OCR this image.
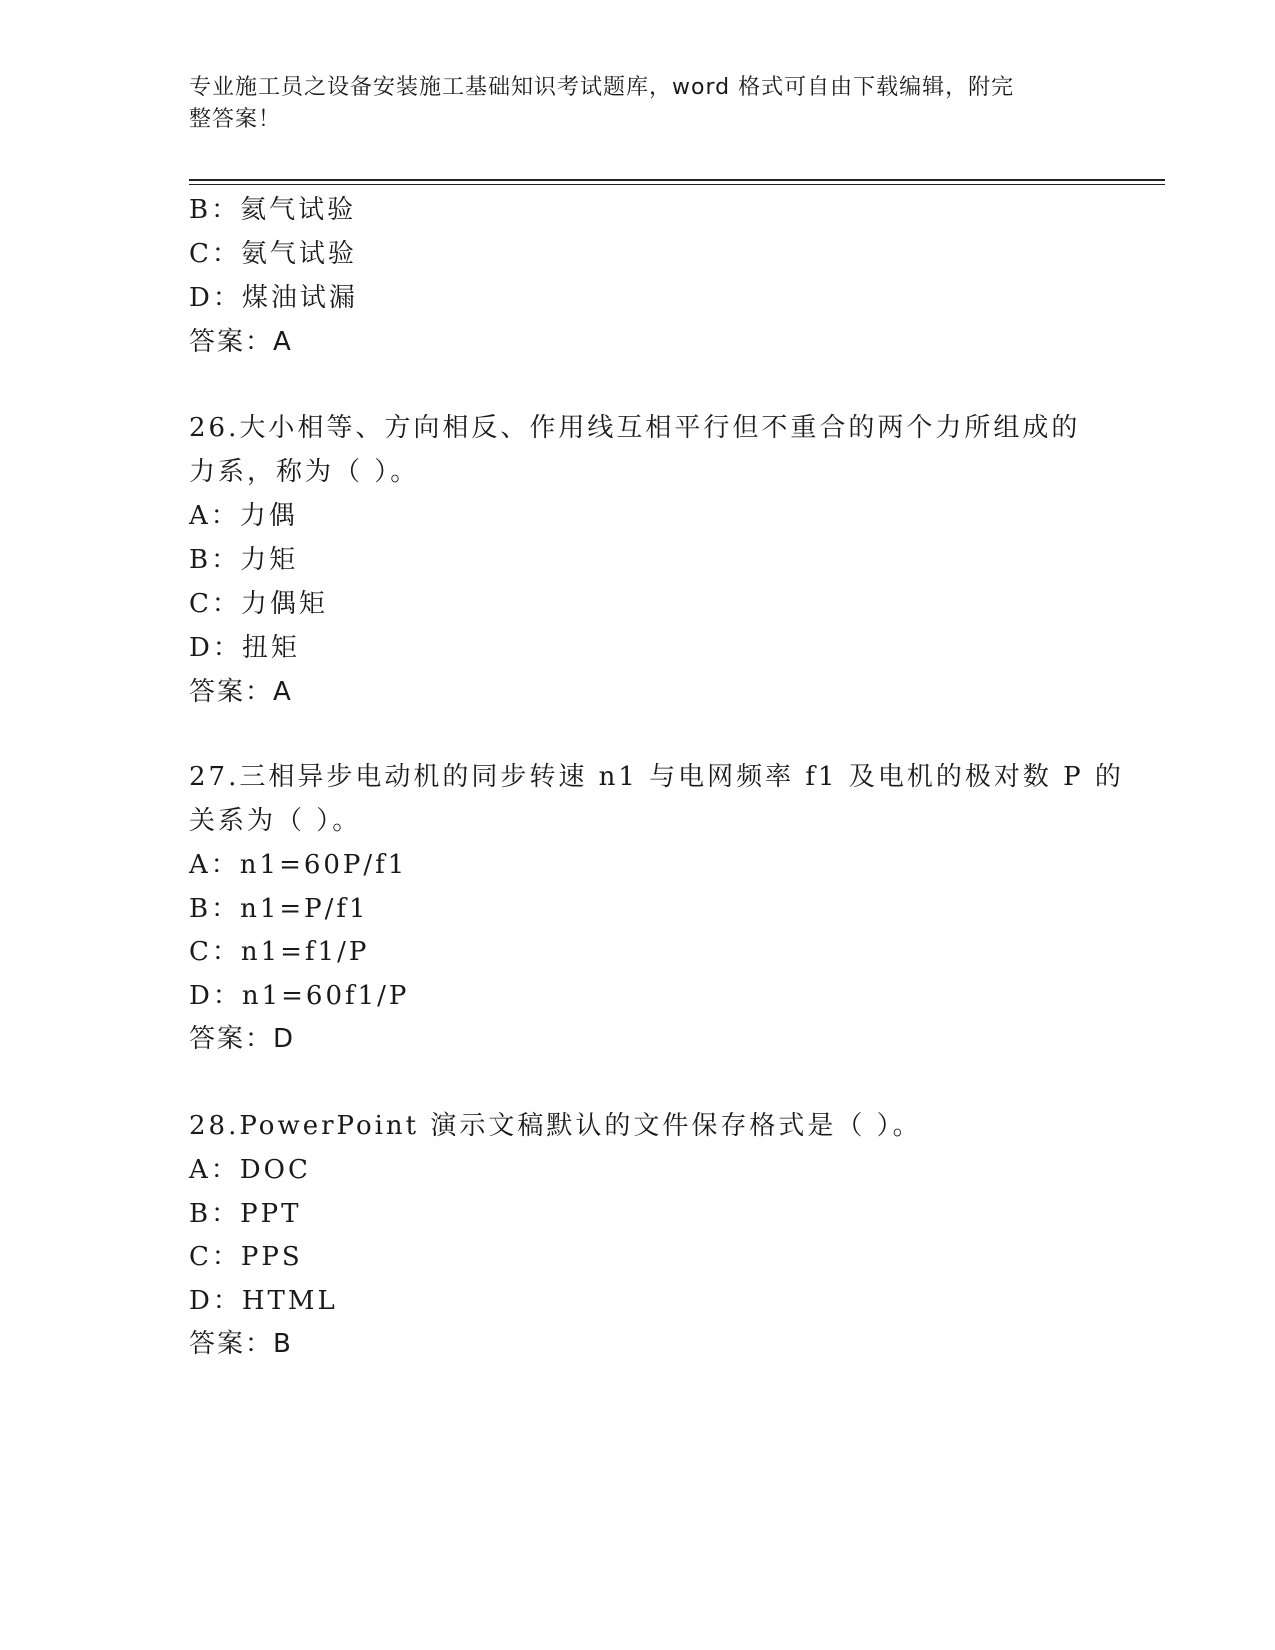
专业施工员之设备安装施工基础知识考试题库，word 格式可自由下载编辑，附完
整答案！
B：氦气试验
C：氨气试验
D：煤油试漏
答案：A
26.大小相等、方向相反、作用线互相平行但不重合的两个力所组成的
力系，称为（ ）。
A：力偶
B：力矩
C：力偶矩
D：扭矩
答案：A
27.三相异步电动机的同步转速 n1 与电网频率 f1 及电机的极对数 P 的
关系为（ ）。
A：n1=60P/f1
B：n1=P/f1
C：n1=f1/P
D：n1=60f1/P
答案：D
28.PowerPoint 演示文稿默认的文件保存格式是（ ）。
A：DOC
B：PPT
C：PPS
D：HTML
答案：B
